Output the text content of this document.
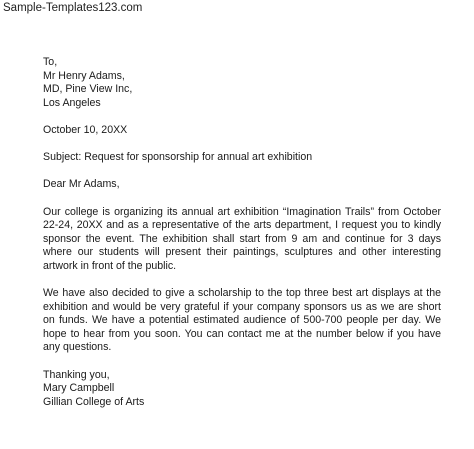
Sample-Templates123.com
To,
Mr Henry Adams,
MD, Pine View Inc,
Los Angeles
October 10, 20XX
Subject: Request for sponsorship for annual art exhibition
Dear Mr Adams,

Our college is organizing its annual art exhibition “Imagination Trails” from October 22-24, 20XX and as a representative of the arts department, I request you to kindly sponsor the event. The exhibition shall start from 9 am and continue for 3 days where our students will present their paintings, sculptures and other interesting artwork in front of the public.

We have also decided to give a scholarship to the top three best art displays at the exhibition and would be very grateful if your company sponsors us as we are short on funds. We have a potential estimated audience of 500-700 people per day. We hope to hear from you soon. You can contact me at the number below if you have any questions.

Thanking you,
Mary Campbell
Gillian College of Arts
